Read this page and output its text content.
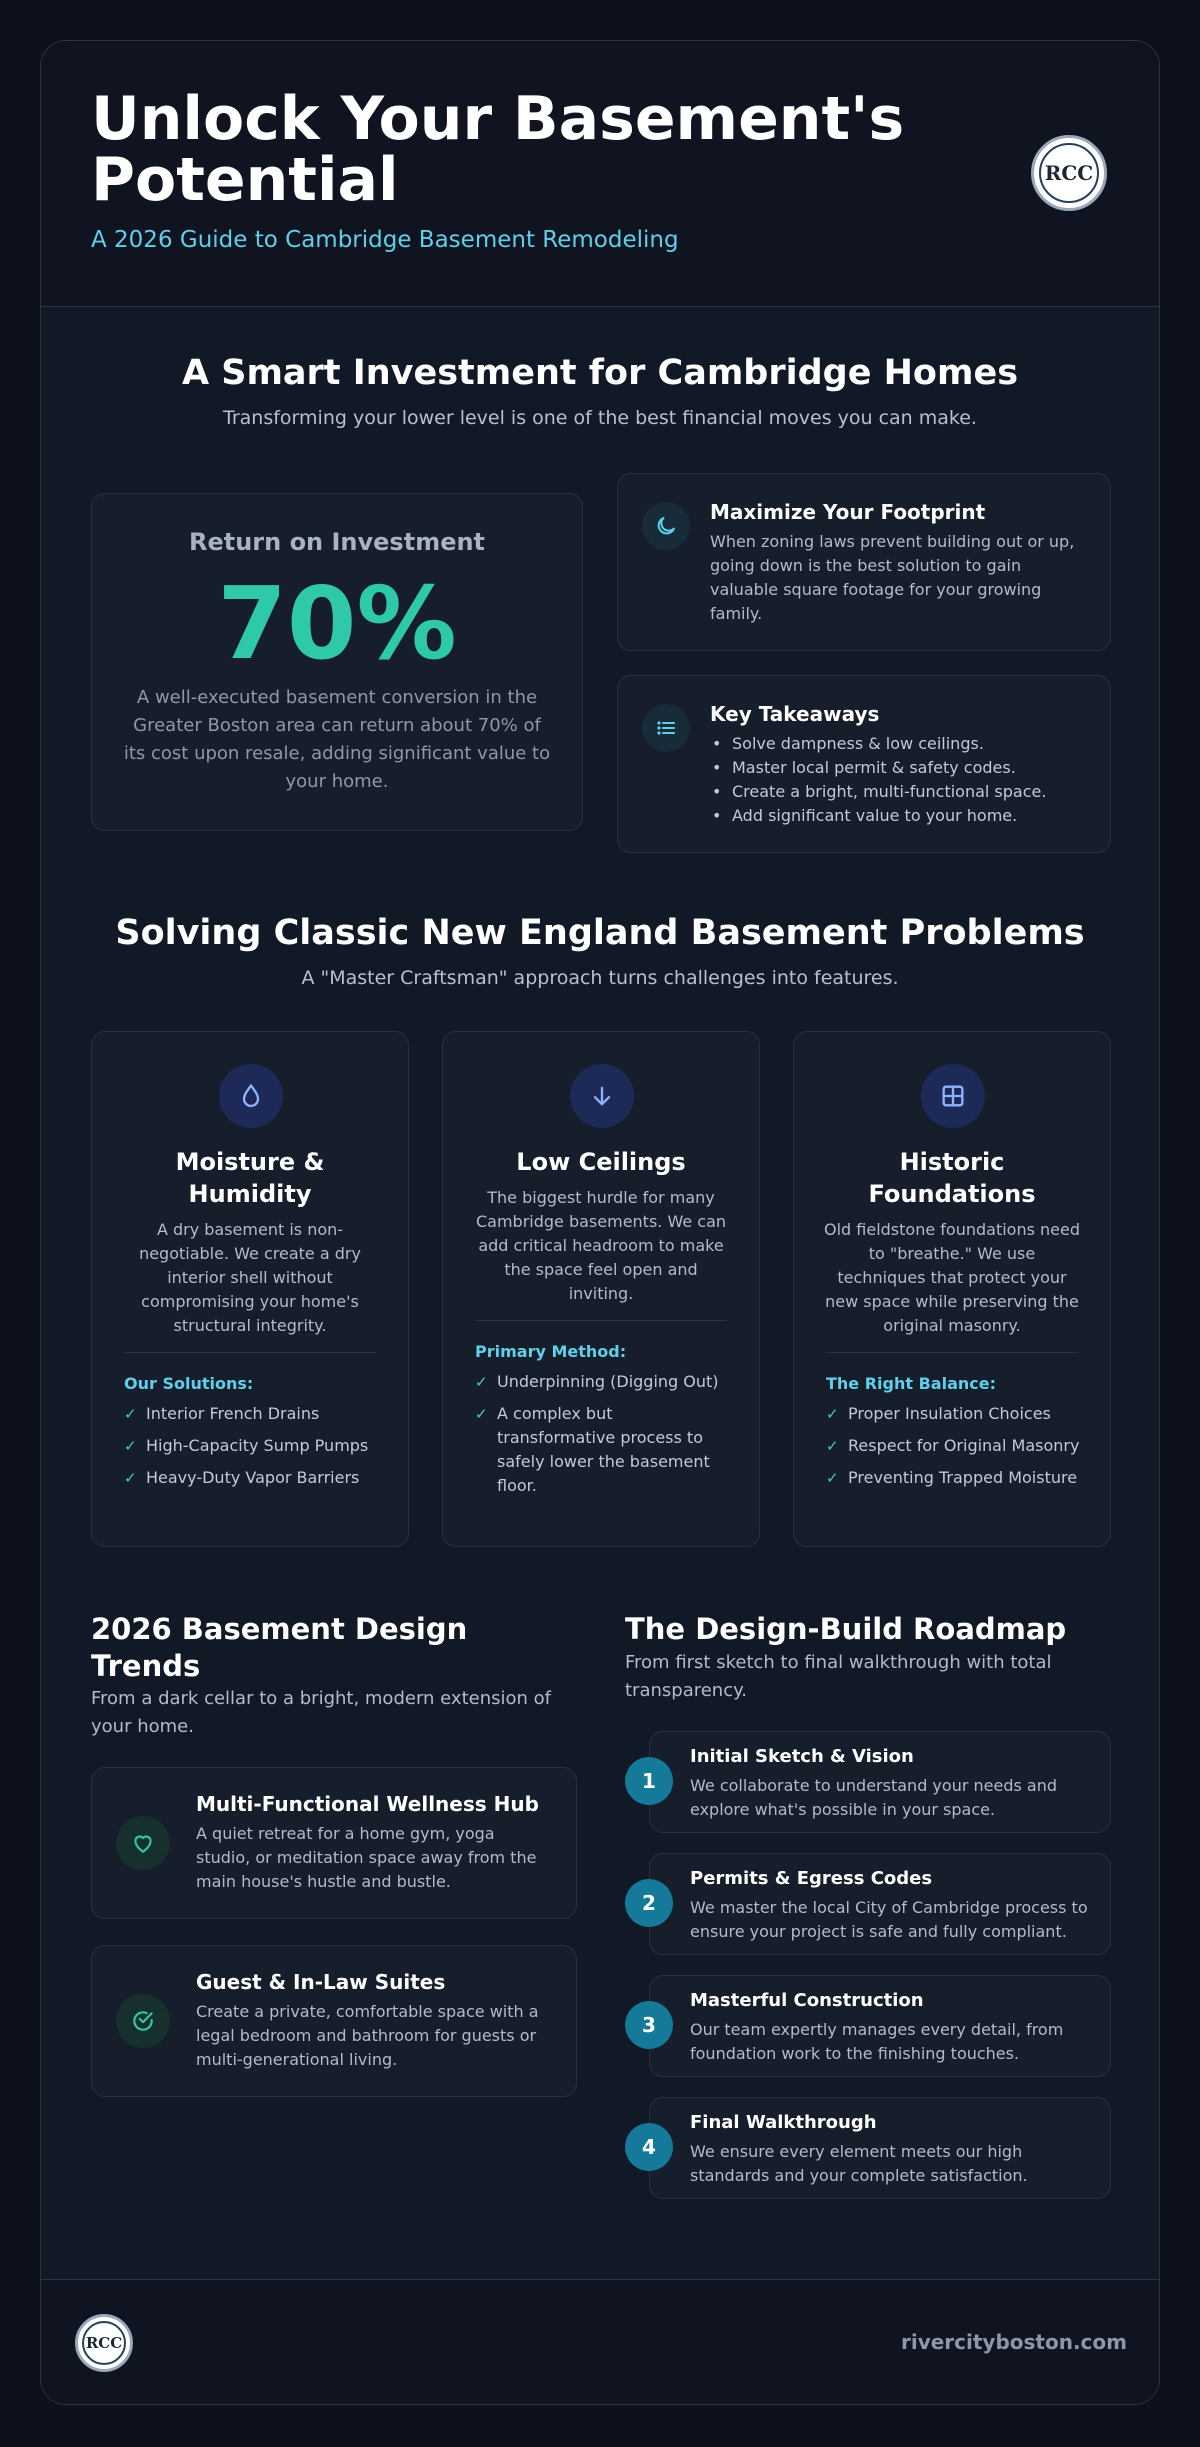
Unlock Your Basement's Potential
A 2026 Guide to Cambridge Basement Remodeling
RCC
A Smart Investment for Cambridge Homes
Transforming your lower level is one of the best financial moves you can make.
Return on Investment
70%
A well-executed basement conversion in the Greater Boston area can return about 70% of its cost upon resale, adding significant value to your home.
Maximize Your Footprint
When zoning laws prevent building out or up, going down is the best solution to gain valuable square footage for your growing family.
Key Takeaways
• Solve dampness & low ceilings.
• Master local permit & safety codes.
• Create a bright, multi-functional space.
• Add significant value to your home.
Solving Classic New England Basement Problems
A "Master Craftsman" approach turns challenges into features.
Moisture & Humidity
A dry basement is non-negotiable. We create a dry interior shell without compromising your home's structural integrity.
Our Solutions:
✓ Interior French Drains
✓ High-Capacity Sump Pumps
✓ Heavy-Duty Vapor Barriers
Low Ceilings
The biggest hurdle for many Cambridge basements. We can add critical headroom to make the space feel open and inviting.
Primary Method:
✓ Underpinning (Digging Out)
✓ A complex but transformative process to safely lower the basement floor.
Historic Foundations
Old fieldstone foundations need to "breathe." We use techniques that protect your new space while preserving the original masonry.
The Right Balance:
✓ Proper Insulation Choices
✓ Respect for Original Masonry
✓ Preventing Trapped Moisture
2026 Basement Design Trends
From a dark cellar to a bright, modern extension of your home.
Multi-Functional Wellness Hub
A quiet retreat for a home gym, yoga studio, or meditation space away from the main house's hustle and bustle.
Guest & In-Law Suites
Create a private, comfortable space with a legal bedroom and bathroom for guests or multi-generational living.
The Design-Build Roadmap
From first sketch to final walkthrough with total transparency.
Initial Sketch & Vision
We collaborate to understand your needs and explore what's possible in your space.
1
Permits & Egress Codes
We master the local City of Cambridge process to ensure your project is safe and fully compliant.
2
Masterful Construction
Our team expertly manages every detail, from foundation work to the finishing touches.
3
Final Walkthrough
We ensure every element meets our high standards and your complete satisfaction.
4
RCC	rivercityboston.com
